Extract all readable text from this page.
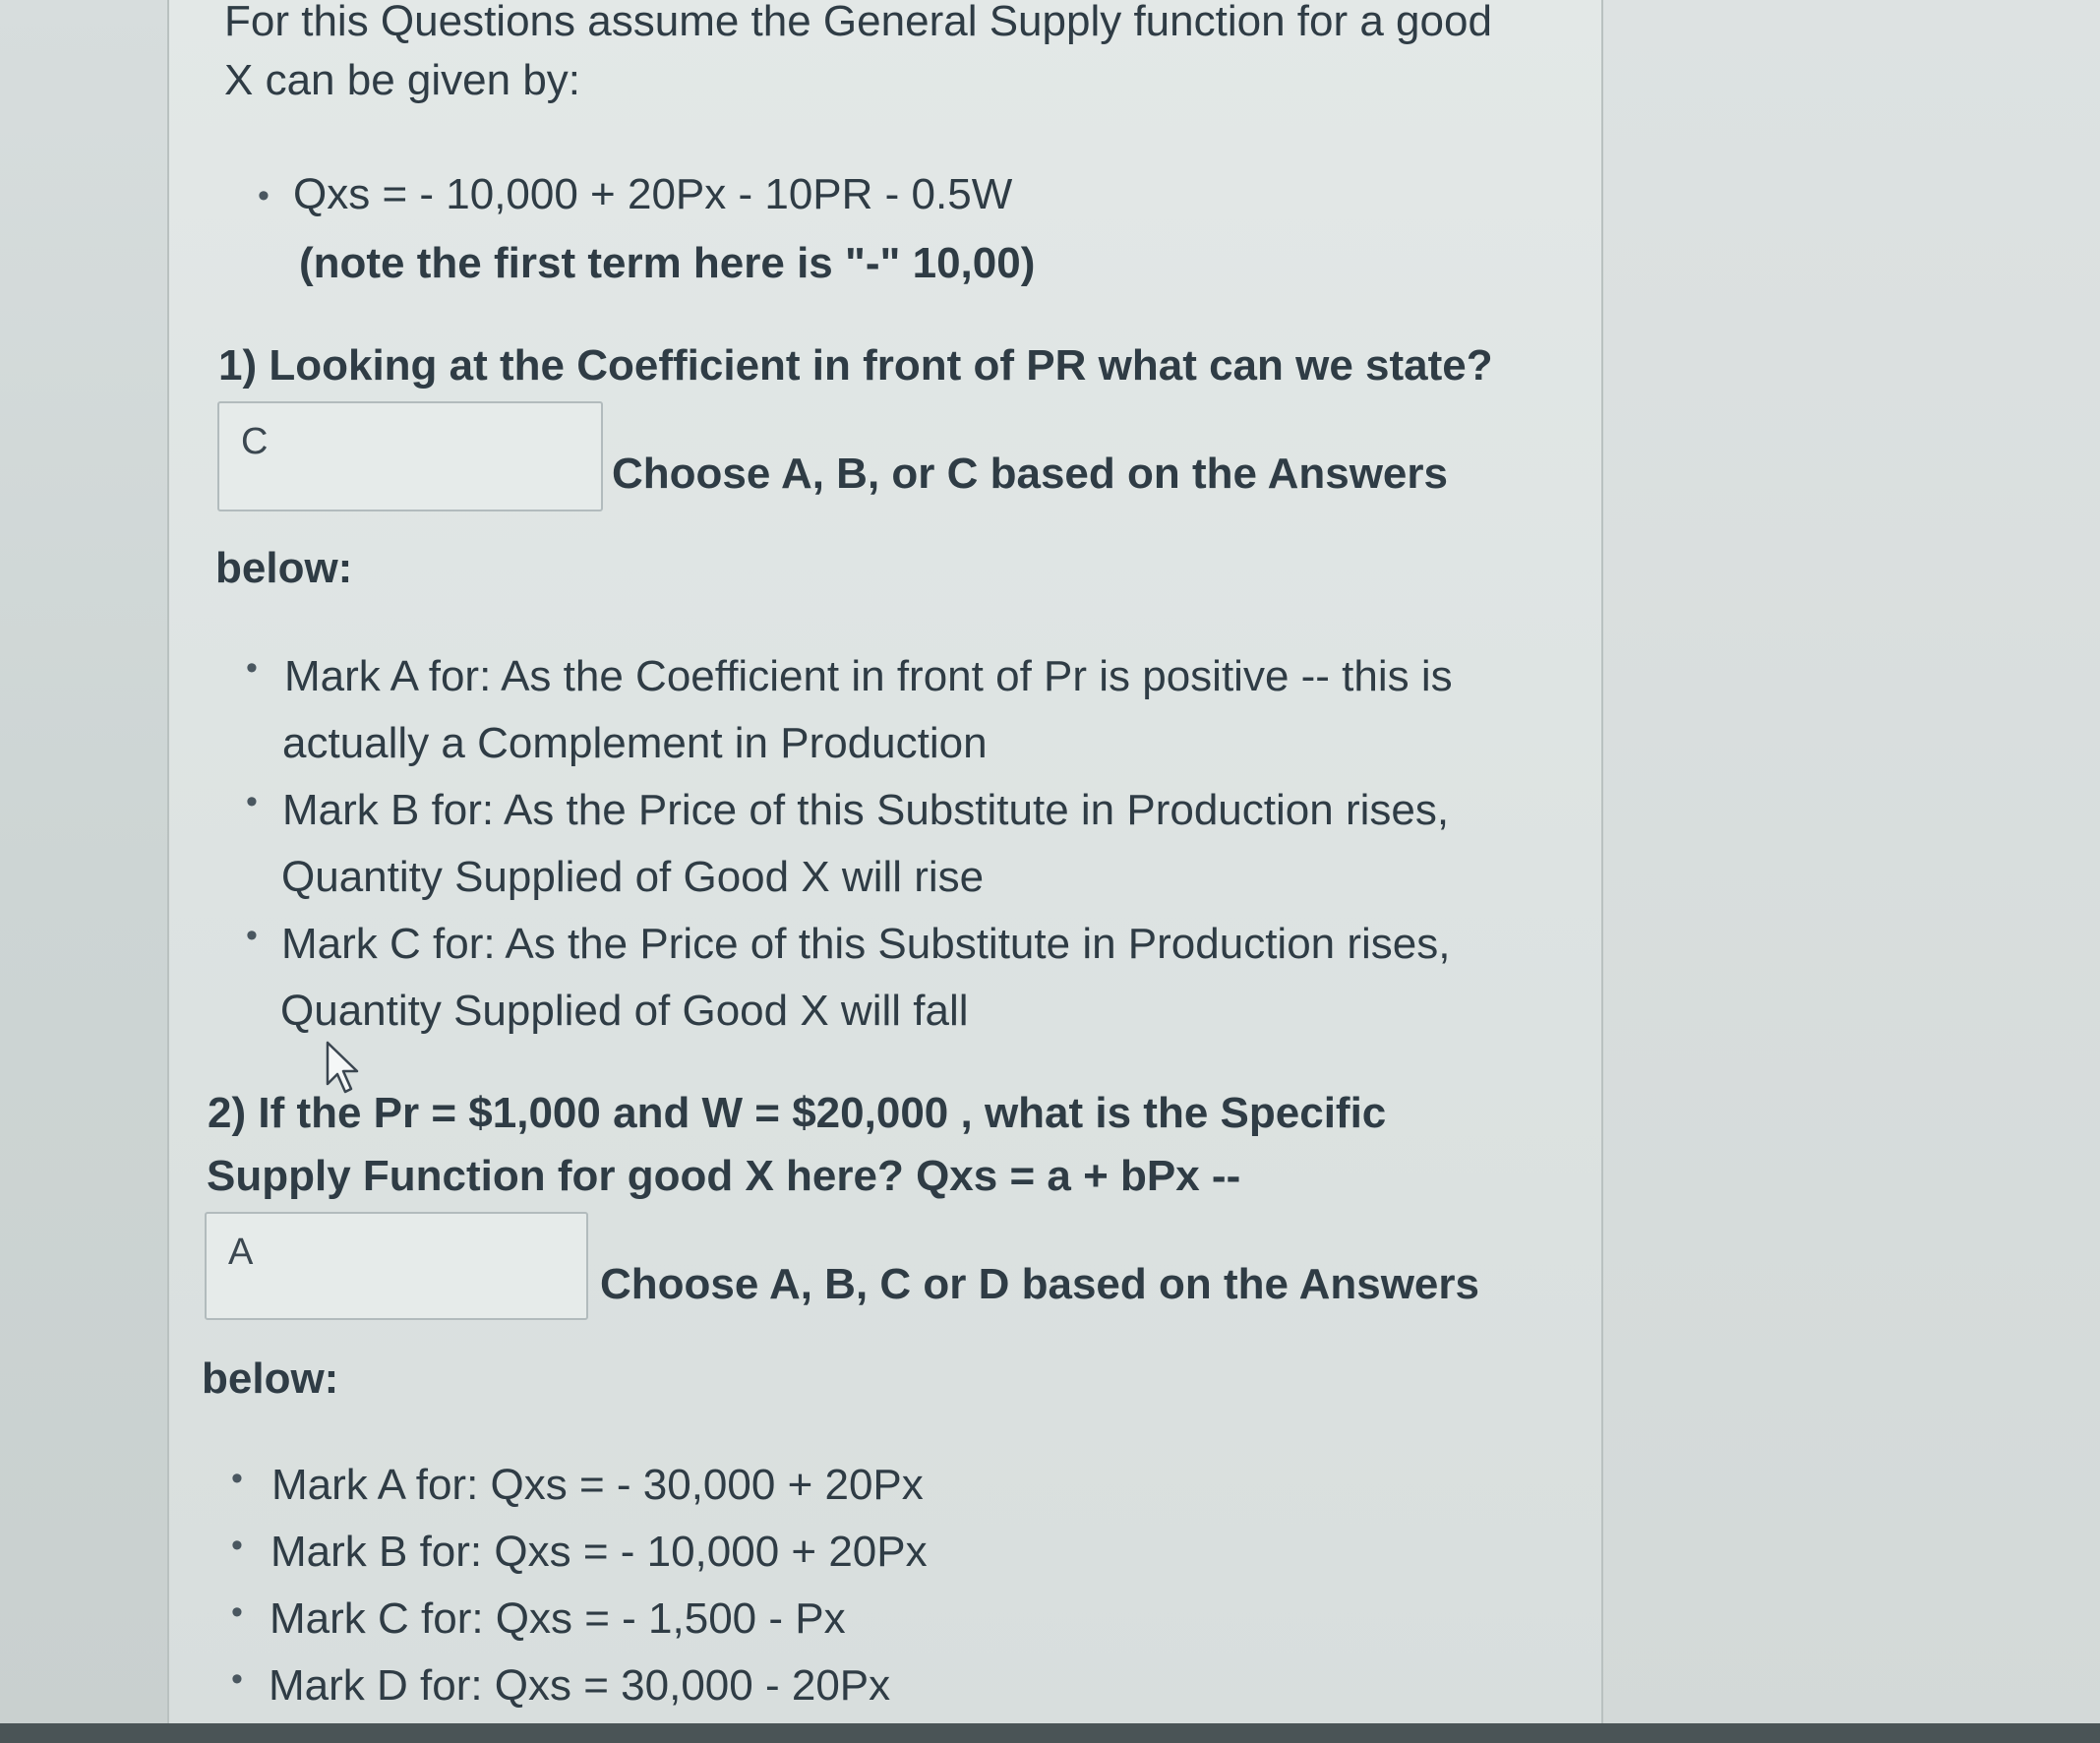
For this Questions assume the General Supply function for a good
X can be given by:
• Qxs = - 10,000 + 20Px - 10PR - 0.5W
(note the first term here is "-" 10,00)
1) Looking at the Coefficient in front of PR what can we state?
C
Choose A, B, or C based on the Answers
below:
• Mark A for: As the Coefficient in front of Pr is positive -- this is
actually a Complement in Production
• Mark B for: As the Price of this Substitute in Production rises,
Quantity Supplied of Good X will rise
• Mark C for: As the Price of this Substitute in Production rises,
Quantity Supplied of Good X will fall
2) If the Pr = $1,000 and W = $20,000 , what is the Specific
Supply Function for good X here? Qxs = a + bPx --
A
Choose A, B, C or D based on the Answers
below:
• Mark A for: Qxs = - 30,000 + 20Px
• Mark B for: Qxs = - 10,000 + 20Px
• Mark C for: Qxs = - 1,500 - Px
• Mark D for: Qxs = 30,000 - 20Px
